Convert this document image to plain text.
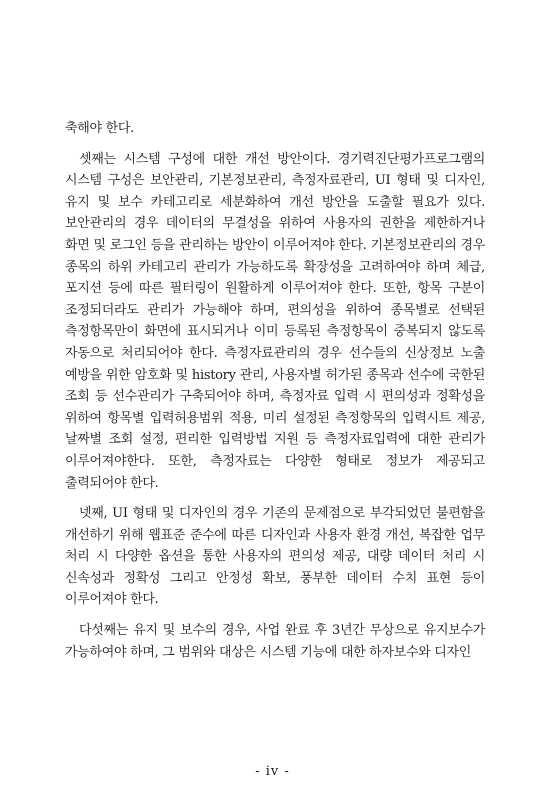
축해야 한다.

셋째는 시스템 구성에 대한 개선 방안이다. 경기력진단평가프로그램의 시스템 구성은 보안관리, 기본정보관리, 측정자료관리, UI 형태 및 디자인, 유지 및 보수 카테고리로 세분화하여 개선 방안을 도출할 필요가 있다. 보안관리의 경우 데이터의 무결성을 위하여 사용자의 권한을 제한하거나 화면 및 로그인 등을 관리하는 방안이 이루어져야 한다. 기본정보관리의 경우 종목의 하위 카테고리 관리가 가능하도록 확장성을 고려하여야 하며 체급, 포지션 등에 따른 필터링이 원활하게 이루어져야 한다. 또한, 항목 구분이 조정되더라도 관리가 가능해야 하며, 편의성을 위하여 종목별로 선택된 측정항목만이 화면에 표시되거나 이미 등록된 측정항목이 중복되지 않도록 자동으로 처리되어야 한다. 측정자료관리의 경우 선수들의 신상정보 노출 예방을 위한 암호화 및 history 관리, 사용자별 허가된 종목과 선수에 국한된 조회 등 선수관리가 구축되어야 하며, 측정자료 입력 시 편의성과 정확성을 위하여 항목별 입력허용범위 적용, 미리 설정된 측정항목의 입력시트 제공, 날짜별 조회 설정, 편리한 입력방법 지원 등 측정자료입력에 대한 관리가 이루어져야한다. 또한, 측정자료는 다양한 형태로 정보가 제공되고 출력되어야 한다.

넷째, UI 형태 및 디자인의 경우 기존의 문제점으로 부각되었던 불편함을 개선하기 위해 웹표준 준수에 따른 디자인과 사용자 환경 개선, 복잡한 업무 처리 시 다양한 옵션을 통한 사용자의 편의성 제공, 대량 데이터 처리 시 신속성과 정확성 그리고 안정성 확보, 풍부한 데이터 수치 표현 등이 이루어져야 한다.

다섯째는 유지 및 보수의 경우, 사업 완료 후 3년간 무상으로 유지보수가 가능하여야 하며, 그 범위와 대상은 시스템 기능에 대한 하자보수와 디자인

- iv -
